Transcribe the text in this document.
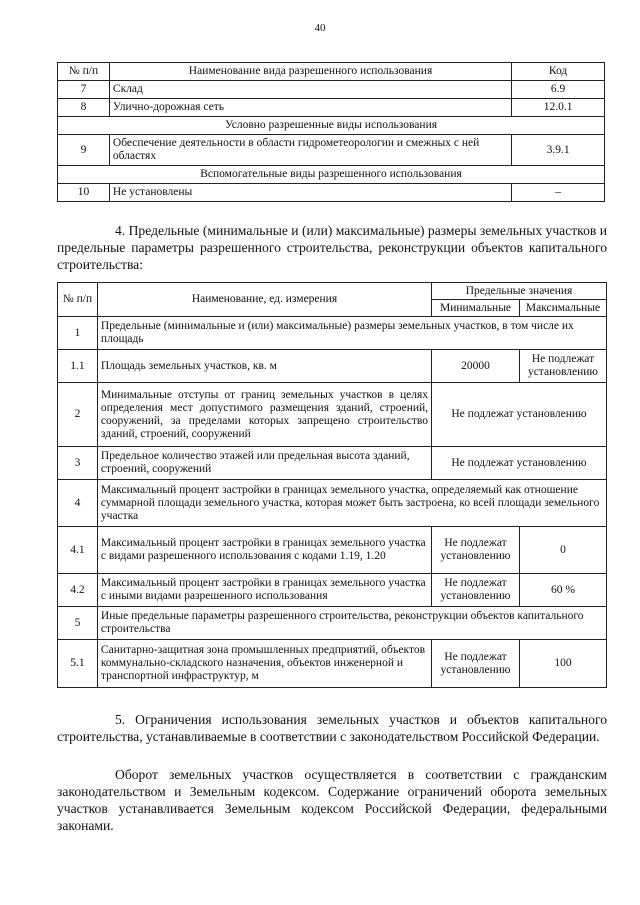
40
№ п/п	Наименование вида разрешенного использования	Код
7	Склад	6.9
8	Улично-дорожная сеть	12.0.1
Условно разрешенные виды использования		
9	Обеспечение деятельности в области гидрометеорологии и смежных с ней областях	3.9.1
Вспомогательные виды разрешенного использования		
10	Не установлены	–
4. Предельные (минимальные и (или) максимальные) размеры земельных участков и предельные параметры разрешенного строительства, реконструкции объектов капитального строительства:
№ п/п	Наименование, ед. измерения	Предельные значения	
		Минимальные	Максимальные
1	Предельные (минимальные и (или) максимальные) размеры земельных участков, в том числе их площадь		
1.1	Площадь земельных участков, кв. м	20000	Не подлежат установлению
2	Минимальные отступы от границ земельных участков в целях определения мест допустимого размещения зданий, строений, сооружений, за пределами которых запрещено строительство зданий, строений, сооружений	Не подлежат установлению	
3	Предельное количество этажей или предельная высота зданий, строений, сооружений	Не подлежат установлению	
4	Максимальный процент застройки в границах земельного участка, определяемый как отношение суммарной площади земельного участка, которая может быть застроена, ко всей площади земельного участка		
4.1	Максимальный процент застройки в границах земельного участка с видами разрешенного использования с кодами 1.19, 1.20	Не подлежат установлению	0
4.2	Максимальный процент застройки в границах земельного участка с иными видами разрешенного использования	Не подлежат установлению	60 %
5	Иные предельные параметры разрешенного строительства, реконструкции объектов капитального строительства		
5.1	Санитарно-защитная зона промышленных предприятий, объектов коммунально-складского назначения, объектов инженерной и транспортной инфраструктур, м	Не подлежат установлению	100
5. Ограничения использования земельных участков и объектов капитального строительства, устанавливаемые в соответствии с законодательством Российской Федерации.
Оборот земельных участков осуществляется в соответствии с гражданским законодательством и Земельным кодексом. Содержание ограничений оборота земельных участков устанавливается Земельным кодексом Российской Федерации, федеральными законами.
